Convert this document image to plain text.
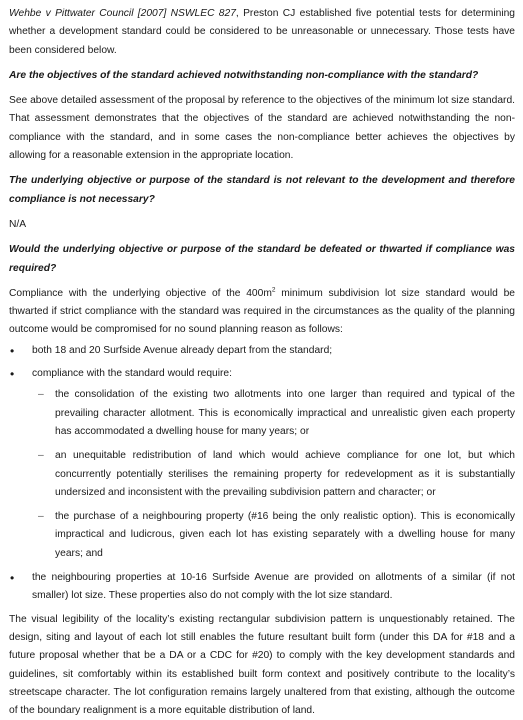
Wehbe v Pittwater Council [2007] NSWLEC 827, Preston CJ established five potential tests for determining whether a development standard could be considered to be unreasonable or unnecessary. Those tests have been considered below.

Are the objectives of the standard achieved notwithstanding non-compliance with the standard?

See above detailed assessment of the proposal by reference to the objectives of the minimum lot size standard. That assessment demonstrates that the objectives of the standard are achieved notwithstanding the non-compliance with the standard, and in some cases the non-compliance better achieves the objectives by allowing for a reasonable extension in the appropriate location.

The underlying objective or purpose of the standard is not relevant to the development and therefore compliance is not necessary?

N/A

Would the underlying objective or purpose of the standard be defeated or thwarted if compliance was required?

Compliance with the underlying objective of the $400m^2$ minimum subdivision lot size standard would be thwarted if strict compliance with the standard was required in the circumstances as the quality of the planning outcome would be compromised for no sound planning reason as follows:

• both 18 and 20 Surfside Avenue already depart from the standard;
• compliance with the standard would require:
– the consolidation of the existing two allotments into one larger than required and typical of the prevailing character allotment. This is economically impractical and unrealistic given each property has accommodated a dwelling house for many years; or
– an unequitable redistribution of land which would achieve compliance for one lot, but which concurrently potentially sterilises the remaining property for redevelopment as it is substantially undersized and inconsistent with the prevailing subdivision pattern and character; or
– the purchase of a neighbouring property (#16 being the only realistic option). This is economically impractical and ludicrous, given each lot has existing separately with a dwelling house for many years; and
• the neighbouring properties at 10-16 Surfside Avenue are provided on allotments of a similar (if not smaller) lot size. These properties also do not comply with the lot size standard.

The visual legibility of the locality’s existing rectangular subdivision pattern is unquestionably retained. The design, siting and layout of each lot still enables the future resultant built form (under this DA for #18 and a future proposal whether that be a DA or a CDC for #20) to comply with the key development standards and guidelines, sit comfortably within its established built form context and positively contribute to the locality’s streetscape character. The lot configuration remains largely unaltered from that existing, although the outcome of the boundary realignment is a more equitable distribution of land.
